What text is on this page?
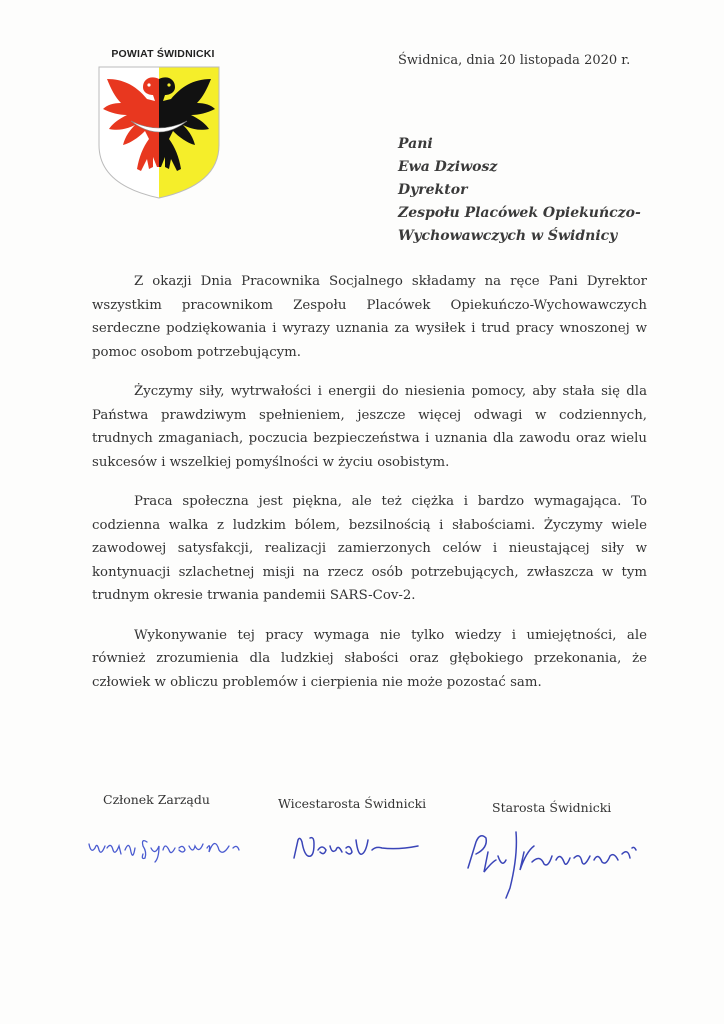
POWIAT ŚWIDNICKI	Świdnica, dnia 20 listopada 2020 r.
Pani
Ewa Dziwosz
Dyrektor
Zespołu Placówek Opiekuńczo-
Wychowawczych w Świdnicy

Z okazji Dnia Pracownika Socjalnego składamy na ręce Pani Dyrektor wszystkim pracownikom Zespołu Placówek Opiekuńczo-Wychowawczych serdeczne podziękowania i wyrazy uznania za wysiłek i trud pracy wnoszonej w pomoc osobom potrzebującym.

Życzymy siły, wytrwałości i energii do niesienia pomocy, aby stała się dla Państwa prawdziwym spełnieniem, jeszcze więcej odwagi w codziennych, trudnych zmaganiach, poczucia bezpieczeństwa i uznania dla zawodu oraz wielu sukcesów i wszelkiej pomyślności w życiu osobistym.

Praca społeczna jest piękna, ale też ciężka i bardzo wymagająca. To codzienna walka z ludzkim bólem, bezsilnością i słabościami. Życzymy wiele zawodowej satysfakcji, realizacji zamierzonych celów i nieustającej siły w kontynuacji szlachetnej misji na rzecz osób potrzebujących, zwłaszcza w tym trudnym okresie trwania pandemii SARS-Cov-2.

Wykonywanie tej pracy wymaga nie tylko wiedzy i umiejętności, ale również zrozumienia dla ludzkiej słabości oraz głębokiego przekonania, że człowiek w obliczu problemów i cierpienia nie może pozostać sam.

Członek Zarządu	Wicestarosta Świdnicki	Starosta Świdnicki
